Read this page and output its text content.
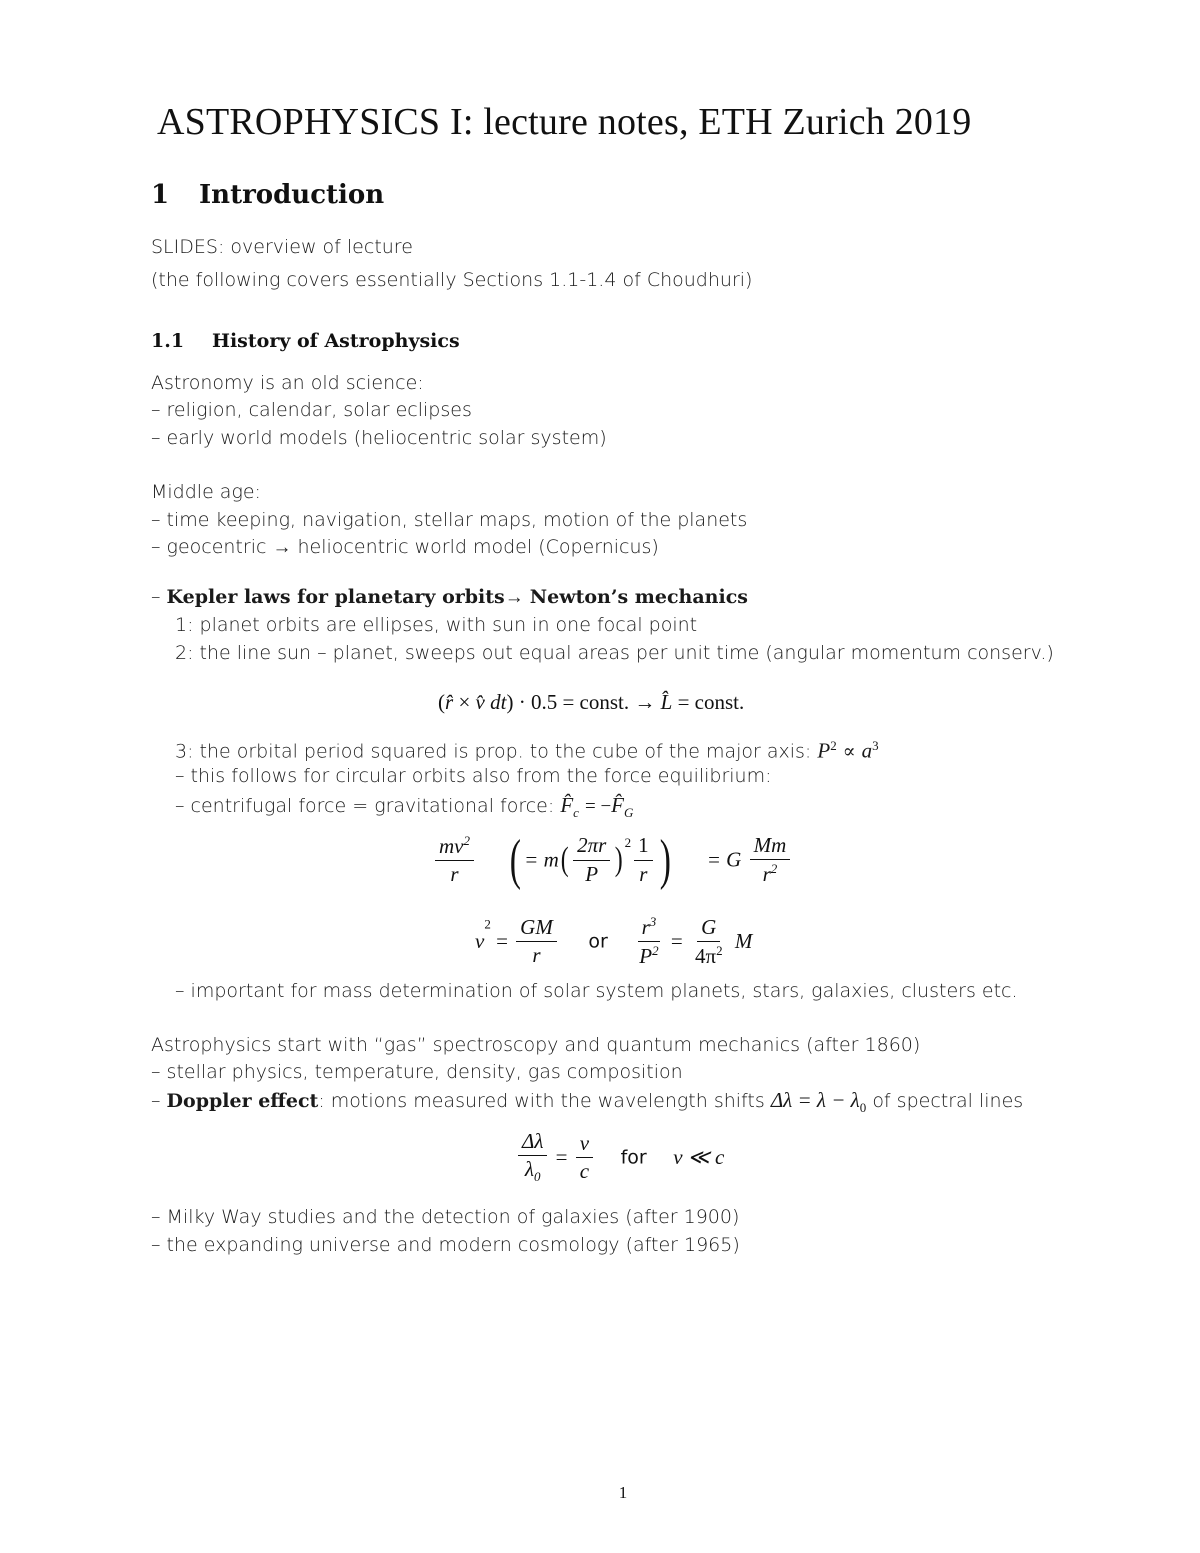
ASTROPHYSICS I: lecture notes, ETH Zurich 2019
1 Introduction
SLIDES: overview of lecture
(the following covers essentially Sections 1.1-1.4 of Choudhuri)
1.1 History of Astrophysics
Astronomy is an old science:
– religion, calendar, solar eclipses
– early world models (heliocentric solar system)
Middle age:
– time keeping, navigation, stellar maps, motion of the planets
– geocentric → heliocentric world model (Copernicus)
– Kepler laws for planetary orbits→ Newton’s mechanics
1: planet orbits are ellipses, with sun in one focal point
2: the line sun – planet, sweeps out equal areas per unit time (angular momentum conserv.)
(r̂ × v̂ dt) · 0.5 = const. → L̂ = const.
3: the orbital period squared is prop. to the cube of the major axis: $P^2 \propto a^3$
– this follows for circular orbits also from the force equilibrium:
– centrifugal force = gravitational force: $F̂_c$ = $-F̂_G$
$\frac{mv^2}{r}$ ( = $m( \frac{2\pi r}{P}$ ) $^2 \frac{1}{r}$ ) = G $\frac{Mm}{r^2}$
$v^2 = \frac{GM}{r}$ or $\frac{r^3}{P^2} = \frac{G}{4\pi^2}$ M
– important for mass determination of solar system planets, stars, galaxies, clusters etc.
Astrophysics start with “gas” spectroscopy and quantum mechanics (after 1860)
– stellar physics, temperature, density, gas composition
– Doppler effect: motions measured with the wavelength shifts $\Delta\lambda = \lambda - \lambda_0$ of spectral lines
$\frac{\Delta\lambda}{\lambda_0} = \frac{v}{c}$ for v ≪ c
– Milky Way studies and the detection of galaxies (after 1900)
– the expanding universe and modern cosmology (after 1965)
1
